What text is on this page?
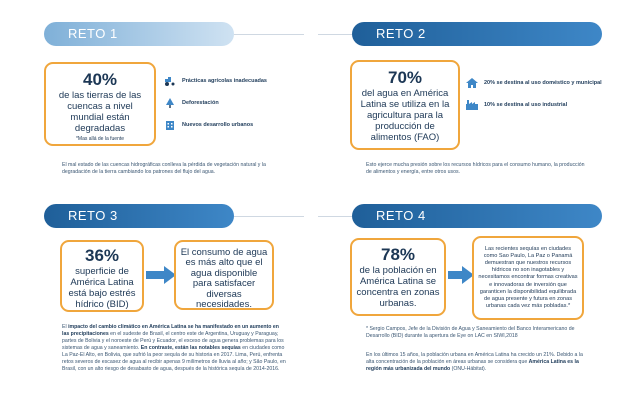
RETO 1
40%
de las tierras de las cuencas a nivel mundial están degradadas
*Mas allá de la fuente
Prácticas agrícolas inadecuadas
Deforestación
Nuevos desarrollo urbanos
El mal estado de las cuencas hidrográficas conlleva la pérdida de vegetación natural y la degradación de la tierra cambiando los patrones del flujo del agua.
RETO 2
70%
del agua en América Latina se utiliza en la agricultura para la producción de alimentos (FAO)
20% se destina al uso doméstico y municipal
10% se destina al uso industrial
Esto ejerce mucha presión sobre los recursos hídricos para el consumo humano, la producción de alimentos y energía, entre otros usos.
RETO 3
36%
superficie de América Latina está bajo estrés hídrico (BID)
El consumo de agua es más alto que el agua disponible para satisfacer diversas necesidades.
El impacto del cambio climático en América Latina se ha manifestado en un aumento en las precipitaciones en el sudeste de Brasil, el centro este de Argentina, Uruguay y Paraguay, partes de Bolivia y el noroeste de Perú y Ecuador, el exceso de agua genera problemas para los sistemas de agua y saneamiento. En contraste, están las notables sequías en ciudades como La Paz-El Alto, en Bolivia, que sufrió la peor sequía de su historia en 2017. Lima, Perú, enfrenta retos severos de escasez de agua al recibir apenas 9 milímetros de lluvia al año; y São Paulo, en Brasil, con un alto riesgo de desabasto de agua, después de la histórica sequía de 2014-2016.
RETO 4
78%
de la población en América Latina se concentra en zonas urbanas.
Las recientes sequías en ciudades como Sao Paulo, La Paz o Panamá demuestran que nuestros recursos hídricos no son inagotables y necesitamos encontrar formas creativas e innovadoras de inversión que garanticen la disponibilidad equilibrada de agua presente y futura en zonas urbanas cada vez más pobladas.*
* Sergio Campos, Jefe de la División de Agua y Saneamiento del Banco Interamericano de Desarrollo (BID) durante la apertura de Eye on LAC en SIWI,2018
En los últimos 15 años, la población urbana en América Latina ha crecido un 21%. Debido a la alta concentración de la población en áreas urbanas se considera que América Latina es la región más urbanizada del mundo (ONU-Hábitat).
